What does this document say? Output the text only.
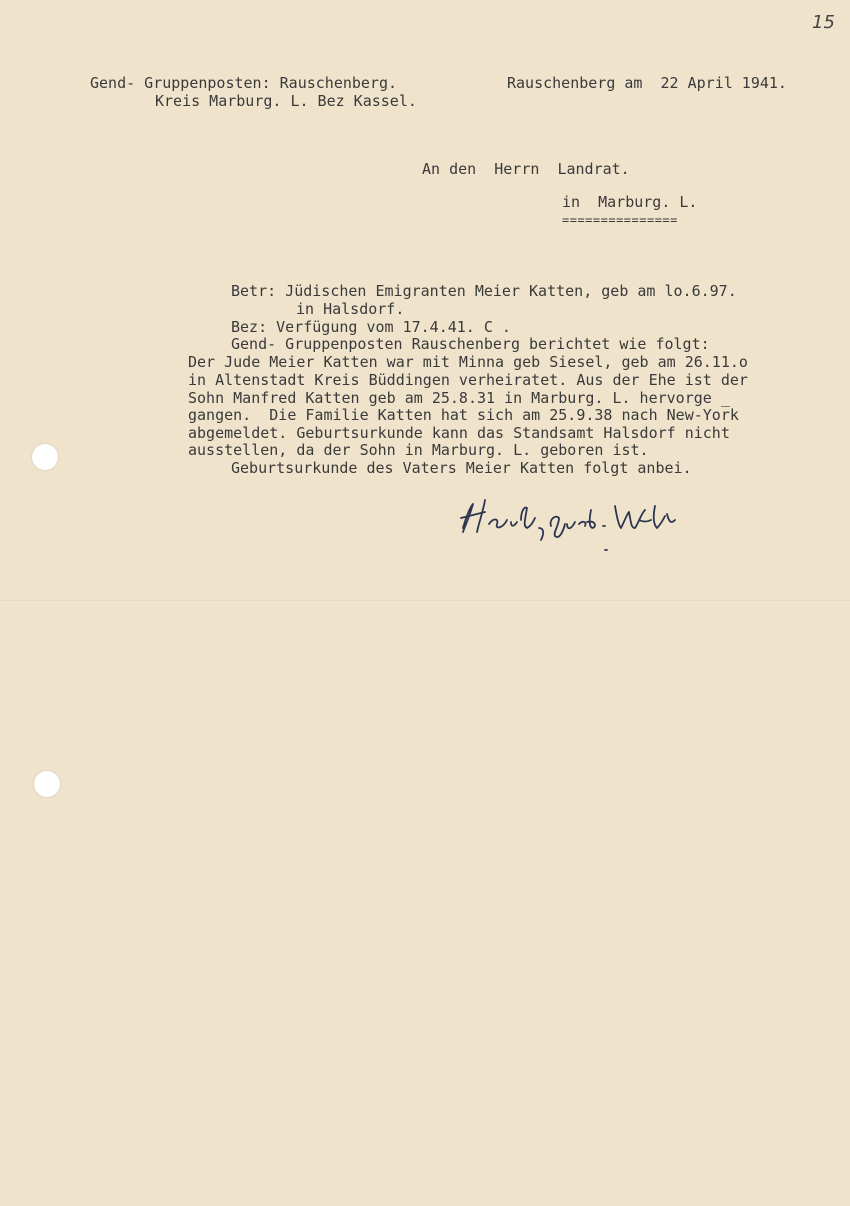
15
Gend- Gruppenposten: Rauschenberg.
Kreis Marburg. L. Bez Kassel.
Rauschenberg am  22 April 1941.
An den  Herrn  Landrat.
in  Marburg. L.
===============
Betr: Jüdischen Emigranten Meier Katten, geb am lo.6.97.
in Halsdorf.
Bez: Verfügung vom 17.4.41. C .
Gend- Gruppenposten Rauschenberg berichtet wie folgt:
Der Jude Meier Katten war mit Minna geb Siesel, geb am 26.11.o
in Altenstadt Kreis Büddingen verheiratet. Aus der Ehe ist der
Sohn Manfred Katten geb am 25.8.31 in Marburg. L. hervorge _
gangen.  Die Familie Katten hat sich am 25.9.38 nach New-York
abgemeldet. Geburtsurkunde kann das Standsamt Halsdorf nicht
ausstellen, da der Sohn in Marburg. L. geboren ist.
Geburtsurkunde des Vaters Meier Katten folgt anbei.
